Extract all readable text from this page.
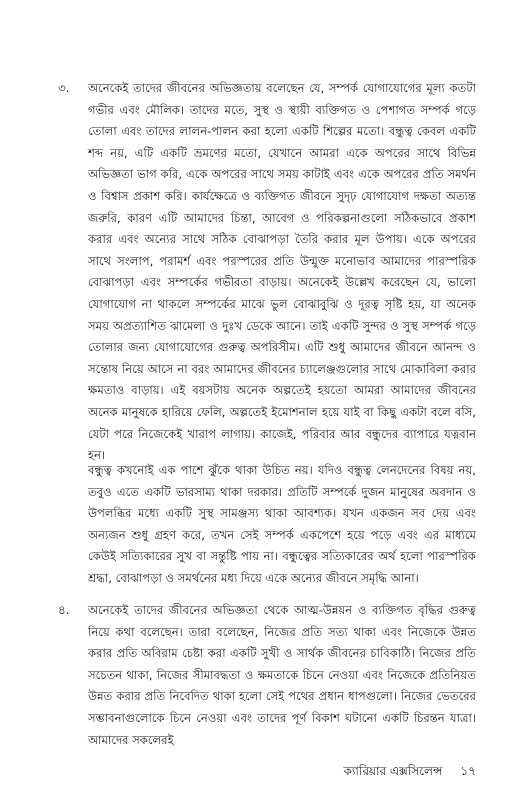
৩. অনেকেই তাদের জীবনের অভিজ্ঞতায় বলেছেন যে, সম্পর্ক যোগাযোগের মূল্য কতটা গভীর এবং মৌলিক। তাদের মতে, সুস্থ ও স্থায়ী ব্যক্তিগত ও পেশাগত সম্পর্ক গড়ে তোলা এবং তাদের লালন-পালন করা হলো একটি শিল্পের মতো। বন্ধুত্ব কেবল একটি শব্দ নয়, এটি একটি ভ্রমণের মতো, যেখানে আমরা একে অপরের সাথে বিভিন্ন অভিজ্ঞতা ভাগ করি, একে অপরের সাথে সময় কাটাই এবং একে অপরের প্রতি সমর্থন ও বিশ্বাস প্রকাশ করি। কার্যক্ষেত্রে ও ব্যক্তিগত জীবনে সুদৃঢ় যোগাযোগ দক্ষতা অত্যন্ত জরুরি, কারণ এটি আমাদের চিন্তা, আবেগ ও পরিকল্পনাগুলো সঠিকভাবে প্রকাশ করার এবং অন্যের সাথে সঠিক বোঝাপড়া তৈরি করার মূল উপায়। একে অপরের সাথে সংলাপ, পরামর্শ এবং পরস্পরের প্রতি উন্মুক্ত মনোভাব আমাদের পারস্পরিক বোঝাপড়া এবং সম্পর্কের গভীরতা বাড়ায়। অনেকেই উল্লেখ করেছেন যে, ভালো যোগাযোগ না থাকলে সম্পর্কের মাঝে ভুল বোঝাবুঝি ও দূরত্ব সৃষ্টি হয়, যা অনেক সময় অপ্রত্যাশিত ঝামেলা ও দুঃখ ডেকে আনে। তাই একটি সুন্দর ও সুস্থ সম্পর্ক গড়ে তোলার জন্য যোগাযোগের গুরুত্ব অপরিসীম। এটি শুধু আমাদের জীবনে আনন্দ ও সন্তোষ নিয়ে আসে না বরং আমাদের জীবনের চ্যালেঞ্জগুলোর সাথে মোকাবিলা করার ক্ষমতাও বাড়ায়। এই বয়সটায় অনেক অল্পতেই হয়তো আমরা আমাদের জীবনের অনেক মানুষকে হারিয়ে ফেলি, অল্পতেই ইমোশনাল হয়ে যাই বা কিছু একটা বলে বসি, যেটা পরে নিজেকেই খারাপ লাগায়। কাজেই, পরিবার আর বন্ধুদের ব্যাপারে যত্নবান হন।

বন্ধুত্ব কখনোই এক পাশে ঝুঁকে থাকা উচিত নয়। যদিও বন্ধুত্ব লেনদেনের বিষয় নয়, তবুও এতে একটি ভারসাম্য থাকা দরকার। প্রতিটি সম্পর্কে দুজন মানুষের অবদান ও উপলব্ধির মধ্যে একটি সুস্থ সামঞ্জস্য থাকা আবশ্যক। যখন একজন সব দেয় এবং অন্যজন শুধু গ্রহণ করে, তখন সেই সম্পর্ক একপেশে হয়ে পড়ে এবং এর মাধ্যমে কেউই সত্যিকারের সুখ বা সন্তুষ্টি পায় না। বন্ধুত্বের সত্যিকারের অর্থ হলো পারস্পরিক শ্রদ্ধা, বোঝাপড়া ও সমর্থনের মধ্য দিয়ে একে অন্যের জীবনে সমৃদ্ধি আনা।

৪. অনেকেই তাদের জীবনের অভিজ্ঞতা থেকে আত্ম-উন্নয়ন ও ব্যক্তিগত বৃদ্ধির গুরুত্ব নিয়ে কথা বলেছেন। তারা বলেছেন, নিজের প্রতি সত্য থাকা এবং নিজেকে উন্নত করার প্রতি অবিরাম চেষ্টা করা একটি সুখী ও সার্থক জীবনের চাবিকাঠি। নিজের প্রতি সচেতন থাকা, নিজের সীমাবদ্ধতা ও ক্ষমতাকে চিনে নেওয়া এবং নিজেকে প্রতিনিয়ত উন্নত করার প্রতি নিবেদিত থাকা হলো সেই পথের প্রধান ধাপগুলো। নিজের ভেতরের সম্ভাবনাগুলোকে চিনে নেওয়া এবং তাদের পূর্ণ বিকাশ ঘটানো একটি চিরন্তন যাত্রা। আমাদের সকলেরই

ক্যারিয়ার এক্সসিলেন্স ১৭
